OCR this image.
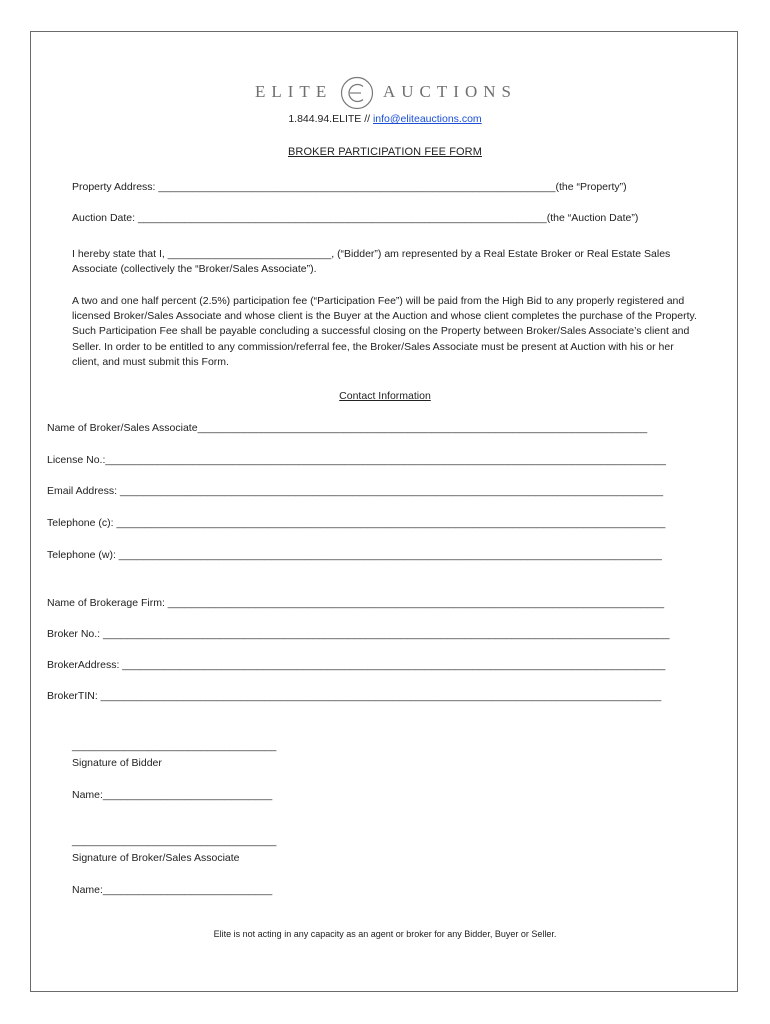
ELITE	AUCTIONS
1.844.94.ELITE // info@eliteauctions.com
BROKER PARTICIPATION FEE FORM
Property Address: ____________________________________________________________________(the “Property”)
Auction Date: ______________________________________________________________________(the “Auction Date”)
I hereby state that I, ____________________________, (“Bidder”) am represented by a Real Estate Broker or Real Estate Sales Associate (collectively the “Broker/Sales Associate”).
A two and one half percent (2.5%) participation fee (“Participation Fee”) will be paid from the High Bid to any properly registered and licensed Broker/Sales Associate and whose client is the Buyer at the Auction and whose client completes the purchase of the Property. Such Participation Fee shall be payable concluding a successful closing on the Property between Broker/Sales Associate’s client and Seller. In order to be entitled to any commission/referral fee, the Broker/Sales Associate must be present at Auction with his or her client, and must submit this Form.
Contact Information
Name of Broker/Sales Associate_____________________________________________________________________________
License No.:________________________________________________________________________________________________
Email Address: _____________________________________________________________________________________________
Telephone (c): ______________________________________________________________________________________________
Telephone (w): _____________________________________________________________________________________________
Name of Brokerage Firm: _____________________________________________________________________________________
Broker No.: _________________________________________________________________________________________________
BrokerAddress: _____________________________________________________________________________________________
BrokerTIN: ________________________________________________________________________________________________
___________________________________
Signature of Bidder
Name:_____________________________
___________________________________
Signature of Broker/Sales Associate
Name:_____________________________
Elite is not acting in any capacity as an agent or broker for any Bidder, Buyer or Seller.
